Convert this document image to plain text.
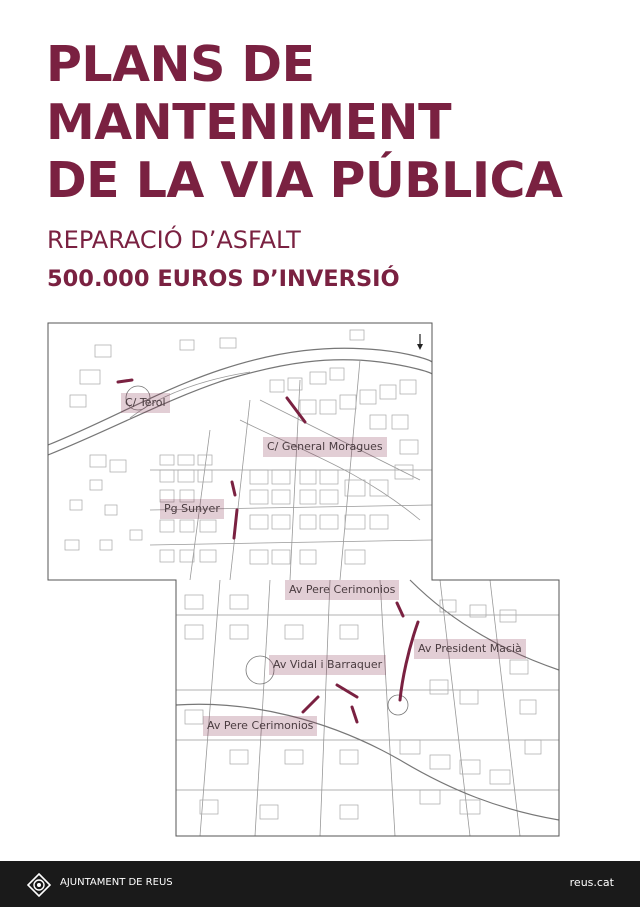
PLANS DE
MANTENIMENT
DE LA VIA PÚBLICA
REPARACIÓ D’ASFALT
500.000 EUROS D’INVERSIÓ
C/ Terol
C/ General Moragues
Pg Sunyer
Av Pere Cerimonios
Av President Macià
Av Vidal i Barraquer
Av Pere Cerimonios
AJUNTAMENT DE REUS	reus.cat
